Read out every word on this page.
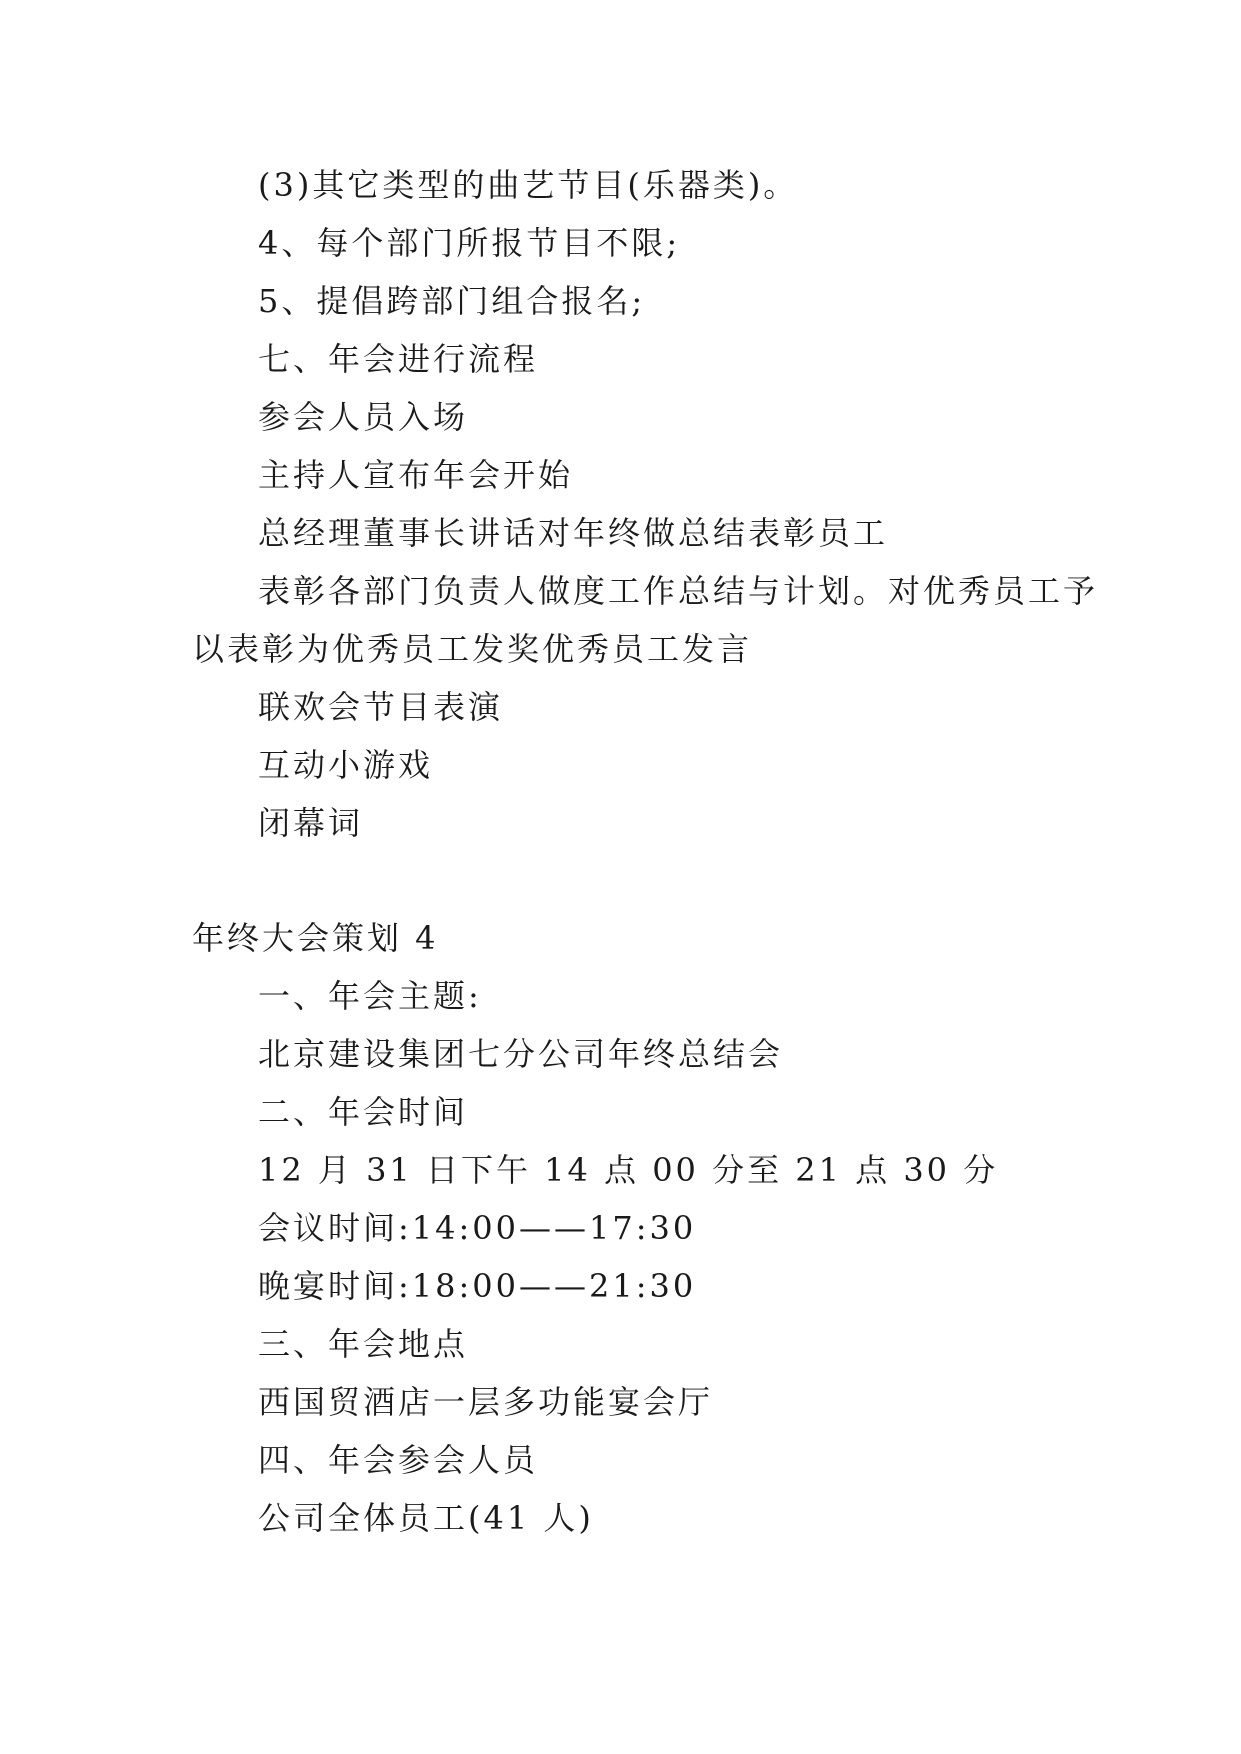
(3)其它类型的曲艺节目(乐器类)。
4、每个部门所报节目不限;
5、提倡跨部门组合报名;
七、年会进行流程
参会人员入场
主持人宣布年会开始
总经理董事长讲话对年终做总结表彰员工
表彰各部门负责人做度工作总结与计划。对优秀员工予
以表彰为优秀员工发奖优秀员工发言
联欢会节目表演
互动小游戏
闭幕词
年终大会策划 4
一、年会主题:
北京建设集团七分公司年终总结会
二、年会时间
12 月 31 日下午 14 点 00 分至 21 点 30 分
会议时间:14:00——17:30
晚宴时间:18:00——21:30
三、年会地点
西国贸酒店一层多功能宴会厅
四、年会参会人员
公司全体员工(41 人)
